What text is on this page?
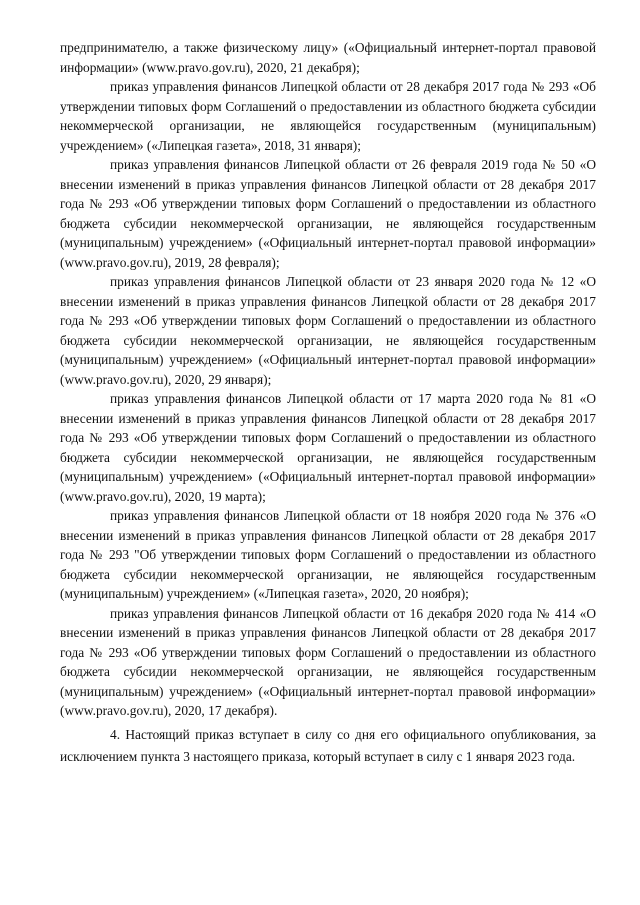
предпринимателю, а также физическому лицу» («Официальный интернет-портал правовой информации» (www.pravo.gov.ru), 2020, 21 декабря);

приказ управления финансов Липецкой области от 28 декабря 2017 года № 293 «Об утверждении типовых форм Соглашений о предоставлении из областного бюджета субсидии некоммерческой организации, не являющейся государственным (муниципальным) учреждением» («Липецкая газета», 2018, 31 января);

приказ управления финансов Липецкой области от 26 февраля 2019 года № 50 «О внесении изменений в приказ управления финансов Липецкой области от 28 декабря 2017 года № 293 «Об утверждении типовых форм Соглашений о предоставлении из областного бюджета субсидии некоммерческой организации, не являющейся государственным (муниципальным) учреждением» («Официальный интернет-портал правовой информации» (www.pravo.gov.ru), 2019, 28 февраля);

приказ управления финансов Липецкой области от 23 января 2020 года № 12 «О внесении изменений в приказ управления финансов Липецкой области от 28 декабря 2017 года № 293 «Об утверждении типовых форм Соглашений о предоставлении из областного бюджета субсидии некоммерческой организации, не являющейся государственным (муниципальным) учреждением» («Официальный интернет-портал правовой информации» (www.pravo.gov.ru), 2020, 29 января);

приказ управления финансов Липецкой области от 17 марта 2020 года № 81 «О внесении изменений в приказ управления финансов Липецкой области от 28 декабря 2017 года № 293 «Об утверждении типовых форм Соглашений о предоставлении из областного бюджета субсидии некоммерческой организации, не являющейся государственным (муниципальным) учреждением» («Официальный интернет-портал правовой информации» (www.pravo.gov.ru), 2020, 19 марта);

приказ управления финансов Липецкой области от 18 ноября 2020 года № 376 «О внесении изменений в приказ управления финансов Липецкой области от 28 декабря 2017 года № 293 "Об утверждении типовых форм Соглашений о предоставлении из областного бюджета субсидии некоммерческой организации, не являющейся государственным (муниципальным) учреждением» («Липецкая газета», 2020, 20 ноября);

приказ управления финансов Липецкой области от 16 декабря 2020 года № 414 «О внесении изменений в приказ управления финансов Липецкой области от 28 декабря 2017 года № 293 «Об утверждении типовых форм Соглашений о предоставлении из областного бюджета субсидии некоммерческой организации, не являющейся государственным (муниципальным) учреждением» («Официальный интернет-портал правовой информации» (www.pravo.gov.ru), 2020, 17 декабря).

4. Настоящий приказ вступает в силу со дня его официального опубликования, за исключением пункта 3 настоящего приказа, который вступает в силу с 1 января 2023 года.
